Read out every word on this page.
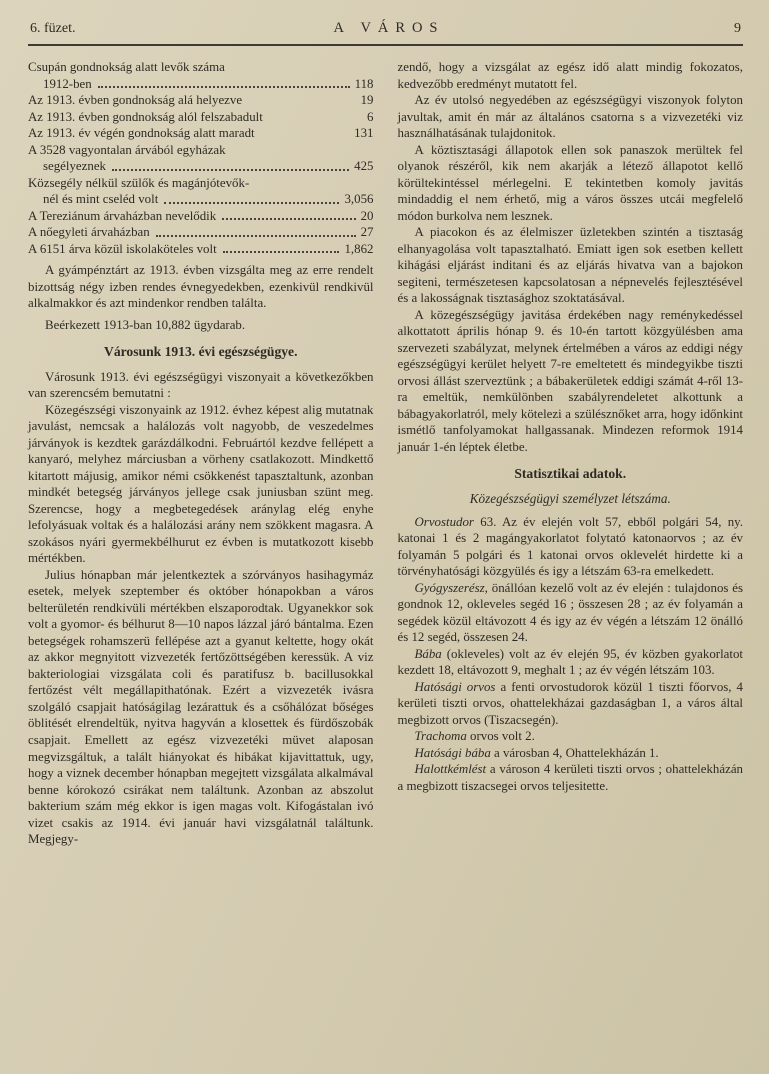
6. füzet.	A VÁROS	9
Csupán gondnokság alatt levők száma
1912-ben	118
Az 1913. évben gondnokság alá helyezve	19
Az 1913. évben gondnokság alól felszabadult	6
Az 1913. év végén gondnokság alatt maradt	131
A 3528 vagyontalan árvából egyházak
segélyeznek	425
Közsegély nélkül szülők és magánjótevők-
nél és mint cseléd volt	3,056
A Tereziánum árvaházban nevelődik	20
A nőegyleti árvaházban	27
A 6151 árva közül iskolaköteles volt	1,862

A gyámpénztárt az 1913. évben vizsgálta meg az erre rendelt bizottság négy izben rendes évnegyedekben, ezenkivül rendkivül alkalmakkor és azt mindenkor rendben találta.

Beérkezett 1913-ban 10,882 ügydarab.

Városunk 1913. évi egészségügye.

Városunk 1913. évi egészségügyi viszonyait a következőkben van szerencsém bemutatni :

Közegészségi viszonyaink az 1912. évhez képest alig mutatnak javulást, nemcsak a halálozás volt nagyobb, de veszedelmes járványok is kezdtek garázdálkodni. Februártól kezdve fellépett a kanyaró, melyhez márciusban a vörheny csatlakozott. Mindkettő kitartott májusig, amikor némi csökkenést tapasztaltunk, azonban mindkét betegség járványos jellege csak juniusban szünt meg. Szerencse, hogy a megbetegedések aránylag elég enyhe lefolyásuak voltak és a halálozási arány nem szökkent magasra. A szokásos nyári gyermekbélhurut ez évben is mutatkozott kisebb mértékben.

Julius hónapban már jelentkeztek a szórványos hasihagymáz esetek, melyek szeptember és október hónapokban a város belterületén rendkivüli mértékben elszaporodtak. Ugyanekkor sok volt a gyomor- és bélhurut 8—10 napos lázzal járó bántalma. Ezen betegségek rohamszerü fellépése azt a gyanut keltette, hogy okát az akkor megnyitott vizvezeték fertőzöttségében keressük. A viz bakteriologiai vizsgálata coli és paratifusz b. bacillusokkal fertőzést vélt megállapithatónak. Ezért a vizvezeték ivásra szolgáló csapjait hatóságilag lezárattuk és a csőhálózat bőséges öblitését elrendeltük, nyitva hagyván a klosettek és fürdőszobák csapjait. Emellett az egész vizvezetéki müvet alaposan megvizsgáltuk, a talált hiányokat és hibákat kijavittattuk, ugy, hogy a viznek december hónapban megejtett vizsgálata alkalmával benne kórokozó csirákat nem találtunk. Azonban az abszolut bakterium szám még ekkor is igen magas volt. Kifogástalan ivó vizet csakis az 1914. évi január havi vizsgálatnál találtunk. Megjegy-

zendő, hogy a vizsgálat az egész idő alatt mindig fokozatos, kedvezőbb eredményt mutatott fel.

Az év utolsó negyedében az egészségügyi viszonyok folyton javultak, amit én már az általános csatorna s a vizvezetéki viz használhatásának tulajdonitok.

A köztisztasági állapotok ellen sok panaszok merültek fel olyanok részéről, kik nem akarják a létező állapotot kellő körültekintéssel mérlegelni. E tekintetben komoly javitás mindaddig el nem érhető, mig a város összes utcái megfelelő módon burkolva nem lesznek.

A piacokon és az élelmiszer üzletekben szintén a tisztaság elhanyagolása volt tapasztalható. Emiatt igen sok esetben kellett kihágási eljárást inditani és az eljárás hivatva van a bajokon segiteni, természetesen kapcsolatosan a népnevelés fejlesztésével és a lakosságnak tisztasághoz szoktatásával.

A közegészségügy javitása érdekében nagy reménykedéssel alkottatott április hónap 9. és 10-én tartott közgyülésben ama szervezeti szabályzat, melynek értelmében a város az eddigi négy egészségügyi kerület helyett 7-re emeltetett és mindegyikbe tiszti orvosi állást szerveztünk ; a bábakerületek eddigi számát 4-ről 13-ra emeltük, nemkülönben szabályrendeletet alkottunk a bábagyakorlatról, mely kötelezi a szülésznőket arra, hogy időnkint ismétlő tanfolyamokat hallgassanak. Mindezen reformok 1914 január 1-én léptek életbe.

Statisztikai adatok.
Közegészségügyi személyzet létszáma.

Orvostudor 63. Az év elején volt 57, ebből polgári 54, ny. katonai 1 és 2 magángyakorlatot folytató katonaorvos ; az év folyamán 5 polgári és 1 katonai orvos oklevelét hirdette ki a törvényhatósági közgyülés és igy a létszám 63-ra emelkedett.

Gyógyszerész, önállóan kezelő volt az év elején : tulajdonos és gondnok 12, okleveles segéd 16 ; összesen 28 ; az év folyamán a segédek közül eltávozott 4 és igy az év végén a létszám 12 önálló és 12 segéd, összesen 24.

Bába (okleveles) volt az év elején 95, év közben gyakorlatot kezdett 18, eltávozott 9, meghalt 1 ; az év végén létszám 103.

Hatósági orvos a fenti orvostudorok közül 1 tiszti főorvos, 4 kerületi tiszti orvos, ohattelekházai gazdaságban 1, a város által megbizott orvos (Tiszacsegén).

Trachoma orvos volt 2.

Hatósági bába a városban 4, Ohattelekházán 1.

Halottkémlést a városon 4 kerületi tiszti orvos ; ohattelekházán a megbizott tiszacsegei orvos teljesitette.
